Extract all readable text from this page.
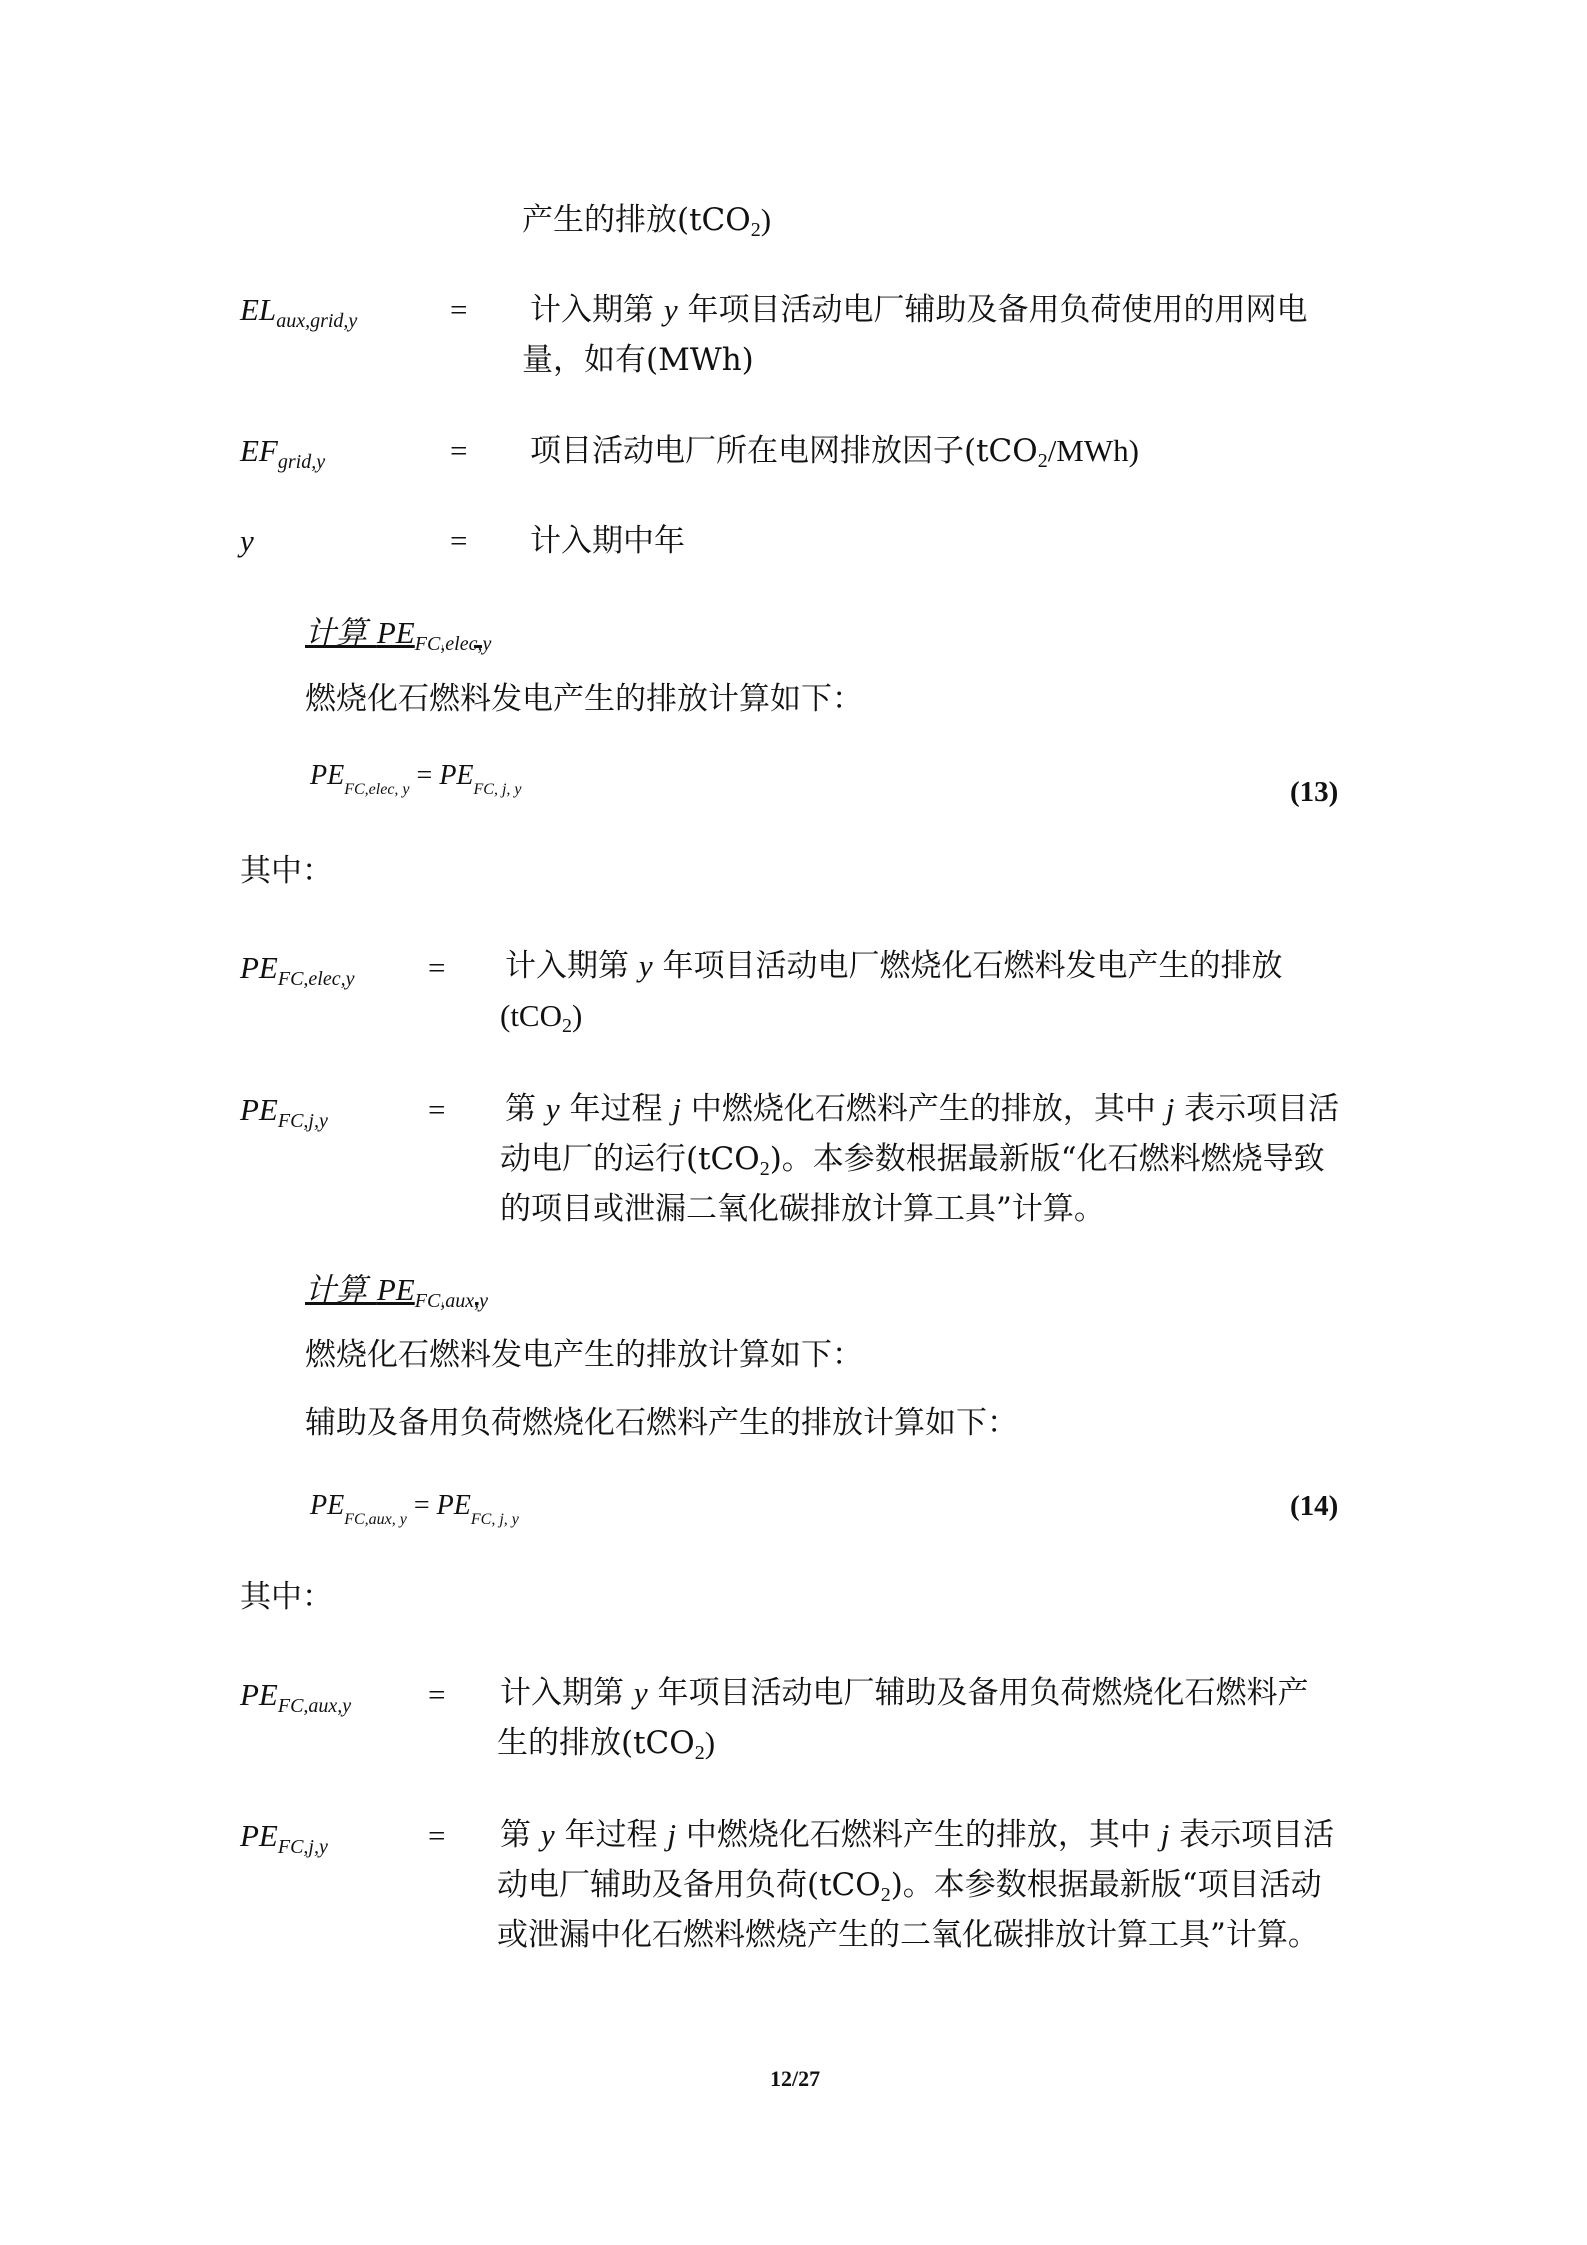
产生的排放(tCO$_2$)
$EL_{aux,grid,y}$	= 计入期第 y 年项目活动电厂辅助及备用负荷使用的用网电
量，如有(MWh)
$EF_{grid,y}$	= 项目活动电厂所在电网排放因子(tCO$_2$/MWh)
y	= 计入期中年
计算 $PE_{FC,elec,y}$
燃烧化石燃料发电产生的排放计算如下：
$PE_{FC,elec, y} = PE_{FC, j, y}$	(13)
其中：
$PE_{FC,elec,y}$ = 计入期第 y 年项目活动电厂燃烧化石燃料发电产生的排放
(tCO$_2$)
$PE_{FC,j,y}$	= 第 y 年过程 j 中燃烧化石燃料产生的排放，其中 j 表示项目活
动电厂的运行(tCO$_2$)。本参数根据最新版“化石燃料燃烧导致
的项目或泄漏二氧化碳排放计算工具”计算。
计算 $PE_{FC,aux,y}$
燃烧化石燃料发电产生的排放计算如下：
辅助及备用负荷燃烧化石燃料产生的排放计算如下：
$PE_{FC,aux, y} = PE_{FC, j, y}$	(14)
其中：
$PE_{FC,aux,y}$ = 计入期第 y 年项目活动电厂辅助及备用负荷燃烧化石燃料产
生的排放(tCO$_2$)
$PE_{FC,j,y}$	= 第 y 年过程 j 中燃烧化石燃料产生的排放，其中 j 表示项目活
动电厂辅助及备用负荷(tCO$_2$)。本参数根据最新版“项目活动
或泄漏中化石燃料燃烧产生的二氧化碳排放计算工具”计算。
12/27
